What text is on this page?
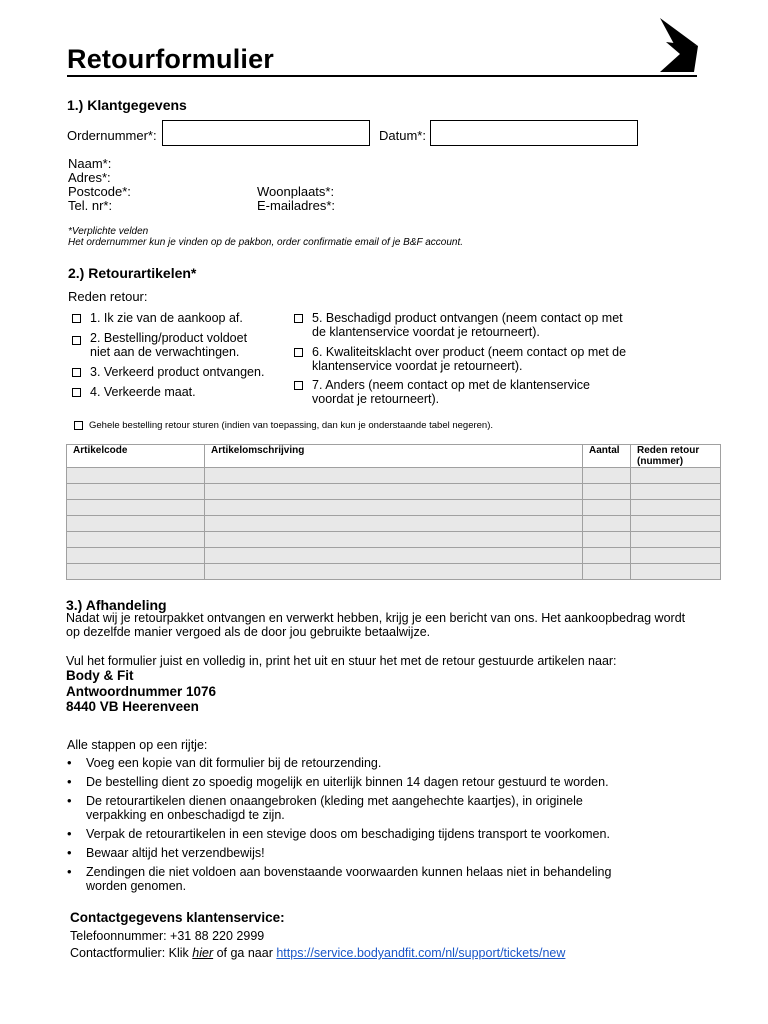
Retourformulier
1.) Klantgegevens
Ordernummer*:	Datum*:
Naam*:
Adres*:
Postcode*:	Woonplaats*:
Tel. nr*:	E-mailadres*:
*Verplichte velden
Het ordernummer kun je vinden op de pakbon, order confirmatie email of je B&F account.
2.) Retourartikelen*
Reden retour:
1. Ik zie van de aankoop af.
2. Bestelling/product voldoet
niet aan de verwachtingen.
3. Verkeerd product ontvangen.
4. Verkeerde maat.
5. Beschadigd product ontvangen (neem contact op met
de klantenservice voordat je retourneert).
6. Kwaliteitsklacht over product (neem contact op met de
klantenservice voordat je retourneert).
7. Anders (neem contact op met de klantenservice
voordat je retourneert).
Gehele bestelling retour sturen (indien van toepassing, dan kun je onderstaande tabel negeren).
Artikelcode	Artikelomschrijving	Aantal	Reden retour
(nummer)

3.) Afhandeling
Nadat wij je retourpakket ontvangen en verwerkt hebben, krijg je een bericht van ons. Het aankoopbedrag wordt
op dezelfde manier vergoed als de door jou gebruikte betaalwijze.
Vul het formulier juist en volledig in, print het uit en stuur het met de retour gestuurde artikelen naar:
Body & Fit
Antwoordnummer 1076
8440 VB Heerenveen
Alle stappen op een rijtje:
• Voeg een kopie van dit formulier bij de retourzending.
• De bestelling dient zo spoedig mogelijk en uiterlijk binnen 14 dagen retour gestuurd te worden.
• De retourartikelen dienen onaangebroken (kleding met aangehechte kaartjes), in originele
verpakking en onbeschadigd te zijn.
• Verpak de retourartikelen in een stevige doos om beschadiging tijdens transport te voorkomen.
• Bewaar altijd het verzendbewijs!
• Zendingen die niet voldoen aan bovenstaande voorwaarden kunnen helaas niet in behandeling
worden genomen.
Contactgegevens klantenservice:
Telefoonnummer: +31 88 220 2999
Contactformulier: Klik hier of ga naar https://service.bodyandfit.com/nl/support/tickets/new
